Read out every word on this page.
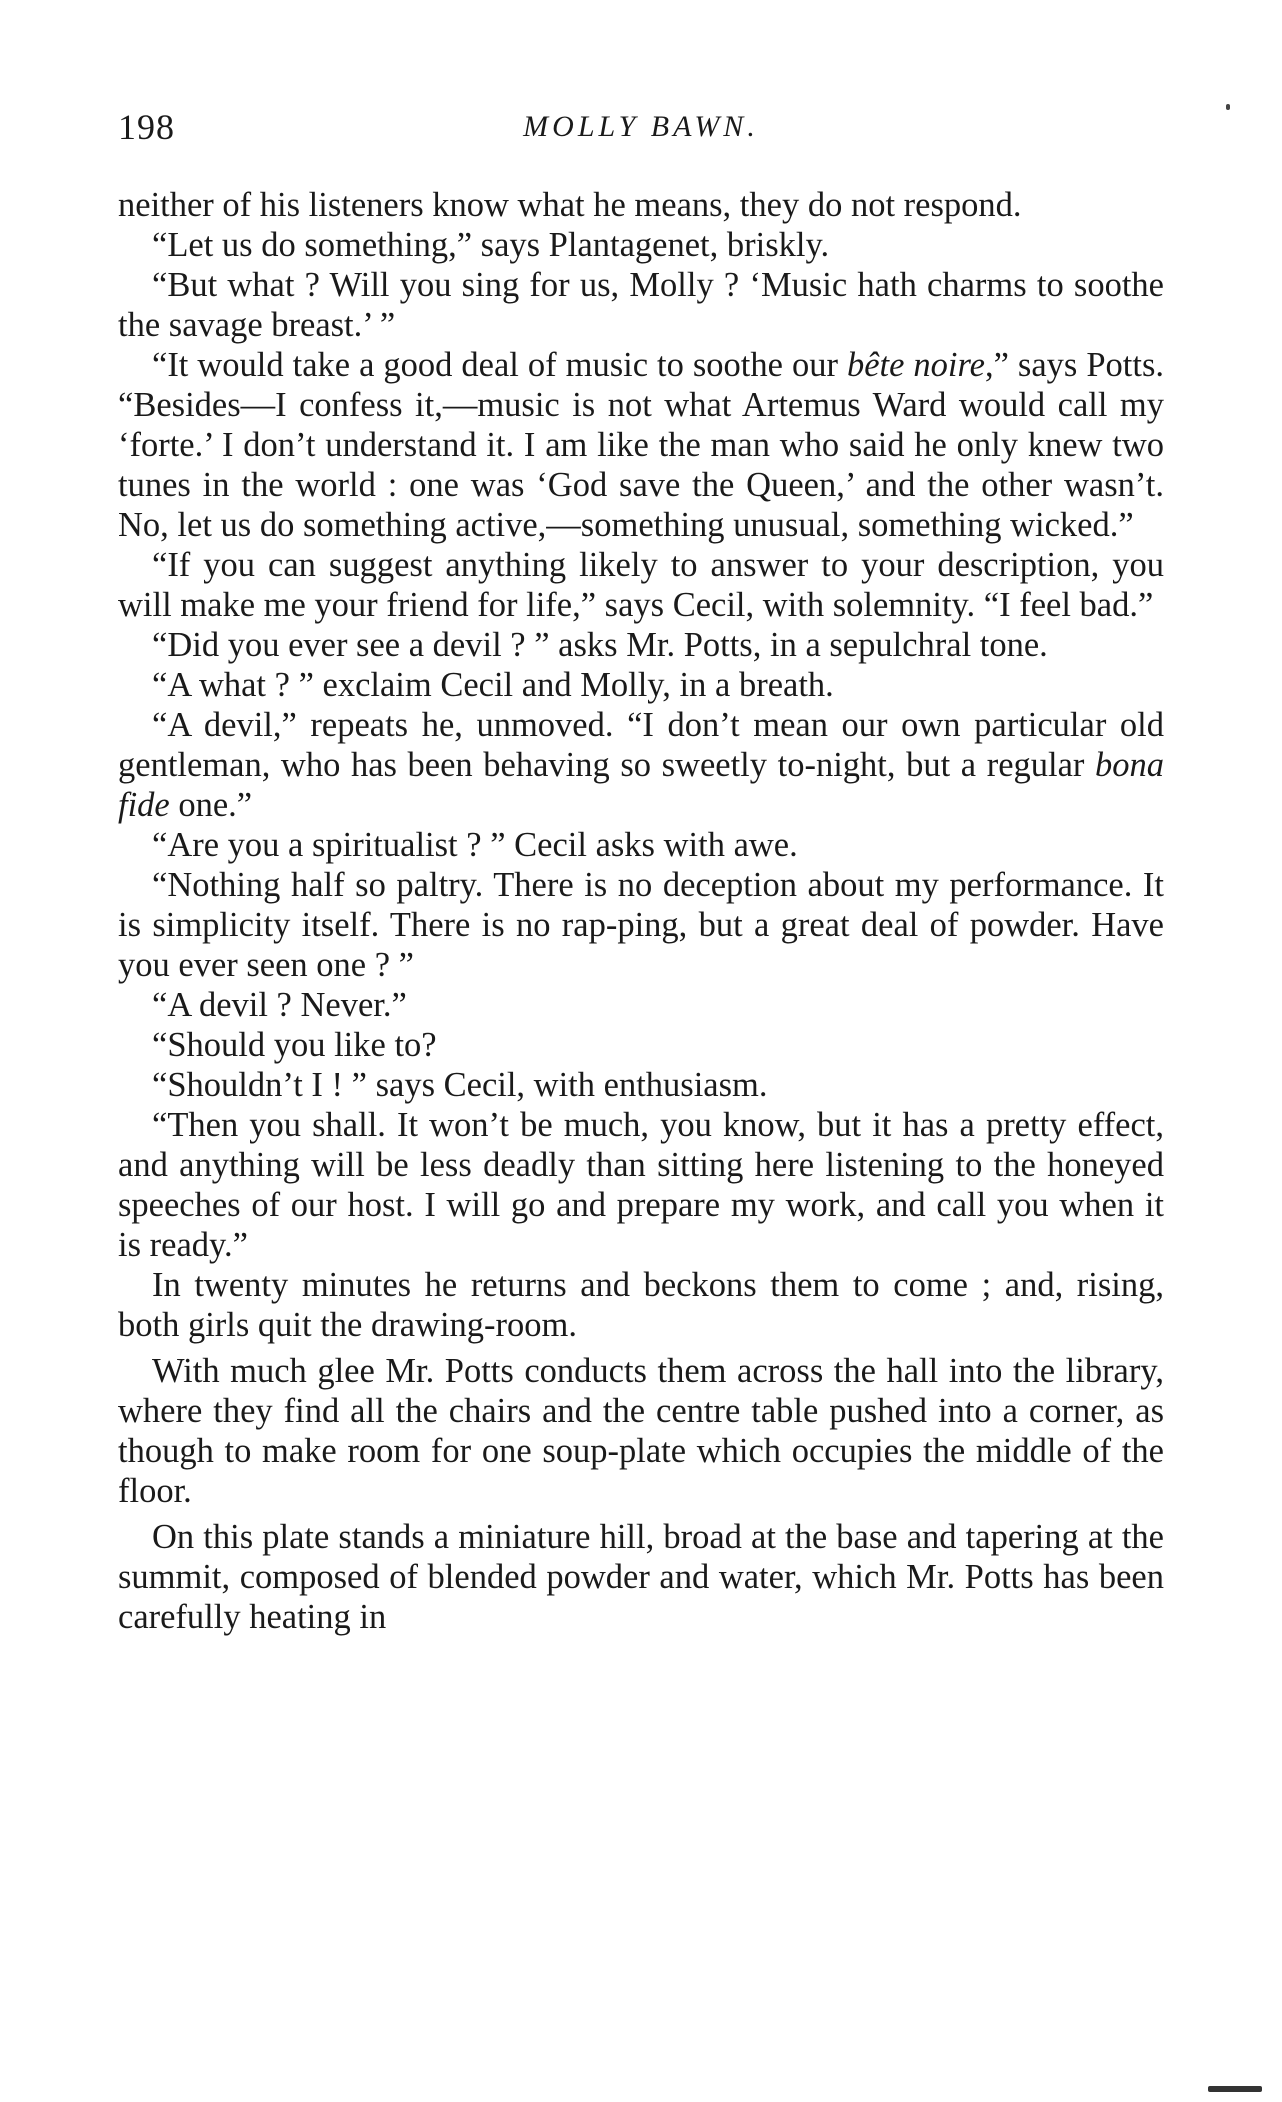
198	MOLLY BAWN.

neither of his listeners know what he means, they do not respond.

“Let us do something,” says Plantagenet, briskly.

“But what ? Will you sing for us, Molly ? ‘Music hath charms to soothe the savage breast.’ ”

“It would take a good deal of music to soothe our bête noire,” says Potts. “Besides—I confess it,—music is not what Artemus Ward would call my ‘forte.’ I don’t understand it. I am like the man who said he only knew two tunes in the world : one was ‘God save the Queen,’ and the other wasn’t. No, let us do something active,—something unusual, something wicked.”

“If you can suggest anything likely to answer to your description, you will make me your friend for life,” says Cecil, with solemnity. “I feel bad.”

“Did you ever see a devil ? ” asks Mr. Potts, in a sepulchral tone.

“A what ? ” exclaim Cecil and Molly, in a breath.

“A devil,” repeats he, unmoved. “I don’t mean our own particular old gentleman, who has been behaving so sweetly to-night, but a regular bona fide one.”

“Are you a spiritualist ? ” Cecil asks with awe.

“Nothing half so paltry. There is no deception about my performance. It is simplicity itself. There is no rap-ping, but a great deal of powder. Have you ever seen one ? ”

“A devil ? Never.”

“Should you like to?

“Shouldn’t I ! ” says Cecil, with enthusiasm.

“Then you shall. It won’t be much, you know, but it has a pretty effect, and anything will be less deadly than sitting here listening to the honeyed speeches of our host. I will go and prepare my work, and call you when it is ready.”

In twenty minutes he returns and beckons them to come ; and, rising, both girls quit the drawing-room.

With much glee Mr. Potts conducts them across the hall into the library, where they find all the chairs and the centre table pushed into a corner, as though to make room for one soup-plate which occupies the middle of the floor.

On this plate stands a miniature hill, broad at the base and tapering at the summit, composed of blended powder and water, which Mr. Potts has been carefully heating in
